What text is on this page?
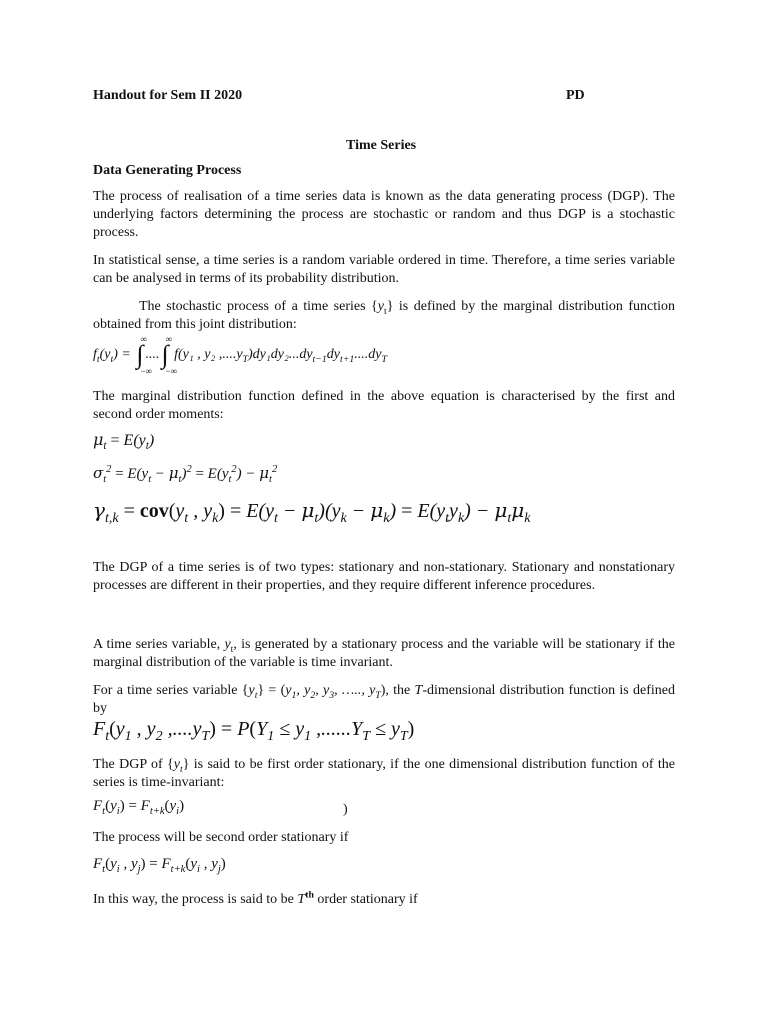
Handout for Sem II 2020	PD
Time Series
Data Generating Process

The process of realisation of a time series data is known as the data generating process (DGP). The underlying factors determining the process are stochastic or random and thus DGP is a stochastic process.

In statistical sense, a time series is a random variable ordered in time. Therefore, a time series variable can be analysed in terms of its probability distribution.

The stochastic process of a time series $\{y_t\}$ is defined by the marginal distribution function obtained from this joint distribution:

$f_t(y_t)$ = ∫
∞
−∞
....∫
∞
−∞
f(y₁ , y₂ $,....y_T)dy_1dy_2...dy_{t-1}dy_{t+1}....dy_T$

The marginal distribution function defined in the above equation is characterised by the first and second order moments:

$\mu_t = E(y_t)$
$\sigma_t^2 = E(y_t - \mu_t)^2 = E(y_t^2) - \mu_t^2$
$\gamma_{t,k} = cov(y_t$ , $y_k) = E(y_t - \mu_t)(y_k - \mu_k) = E(y_ty_k) - \mu_t\mu_k$

The DGP of a time series is of two types: stationary and non-stationary. Stationary and nonstationary processes are different in their properties, and they require different inference procedures.

A time series variable, $y_t$, is generated by a stationary process and the variable will be stationary if the marginal distribution of the variable is time invariant.

For a time series variable $\{y_t\} = (y_1$, $y_2$, $y_3$, ….., $y_T$), the T-dimensional distribution function is defined by

$F_t(y_1$ , $y_2$ $,....y_T) = P(Y_1 \le y_1$ $,......Y_T \le y_T$)

The DGP of $\{y_t\}$ is said to be first order stationary, if the one dimensional distribution function of the series is time-invariant:

$F_t(y_i) = F_{t+k}(y_i)$	)

The process will be second order stationary if

$F_t(y_i$ , $y_j) = F_{t+k}(y_i$ , $y_j$)

In this way, the process is said to be $T^{th}$ order stationary if
